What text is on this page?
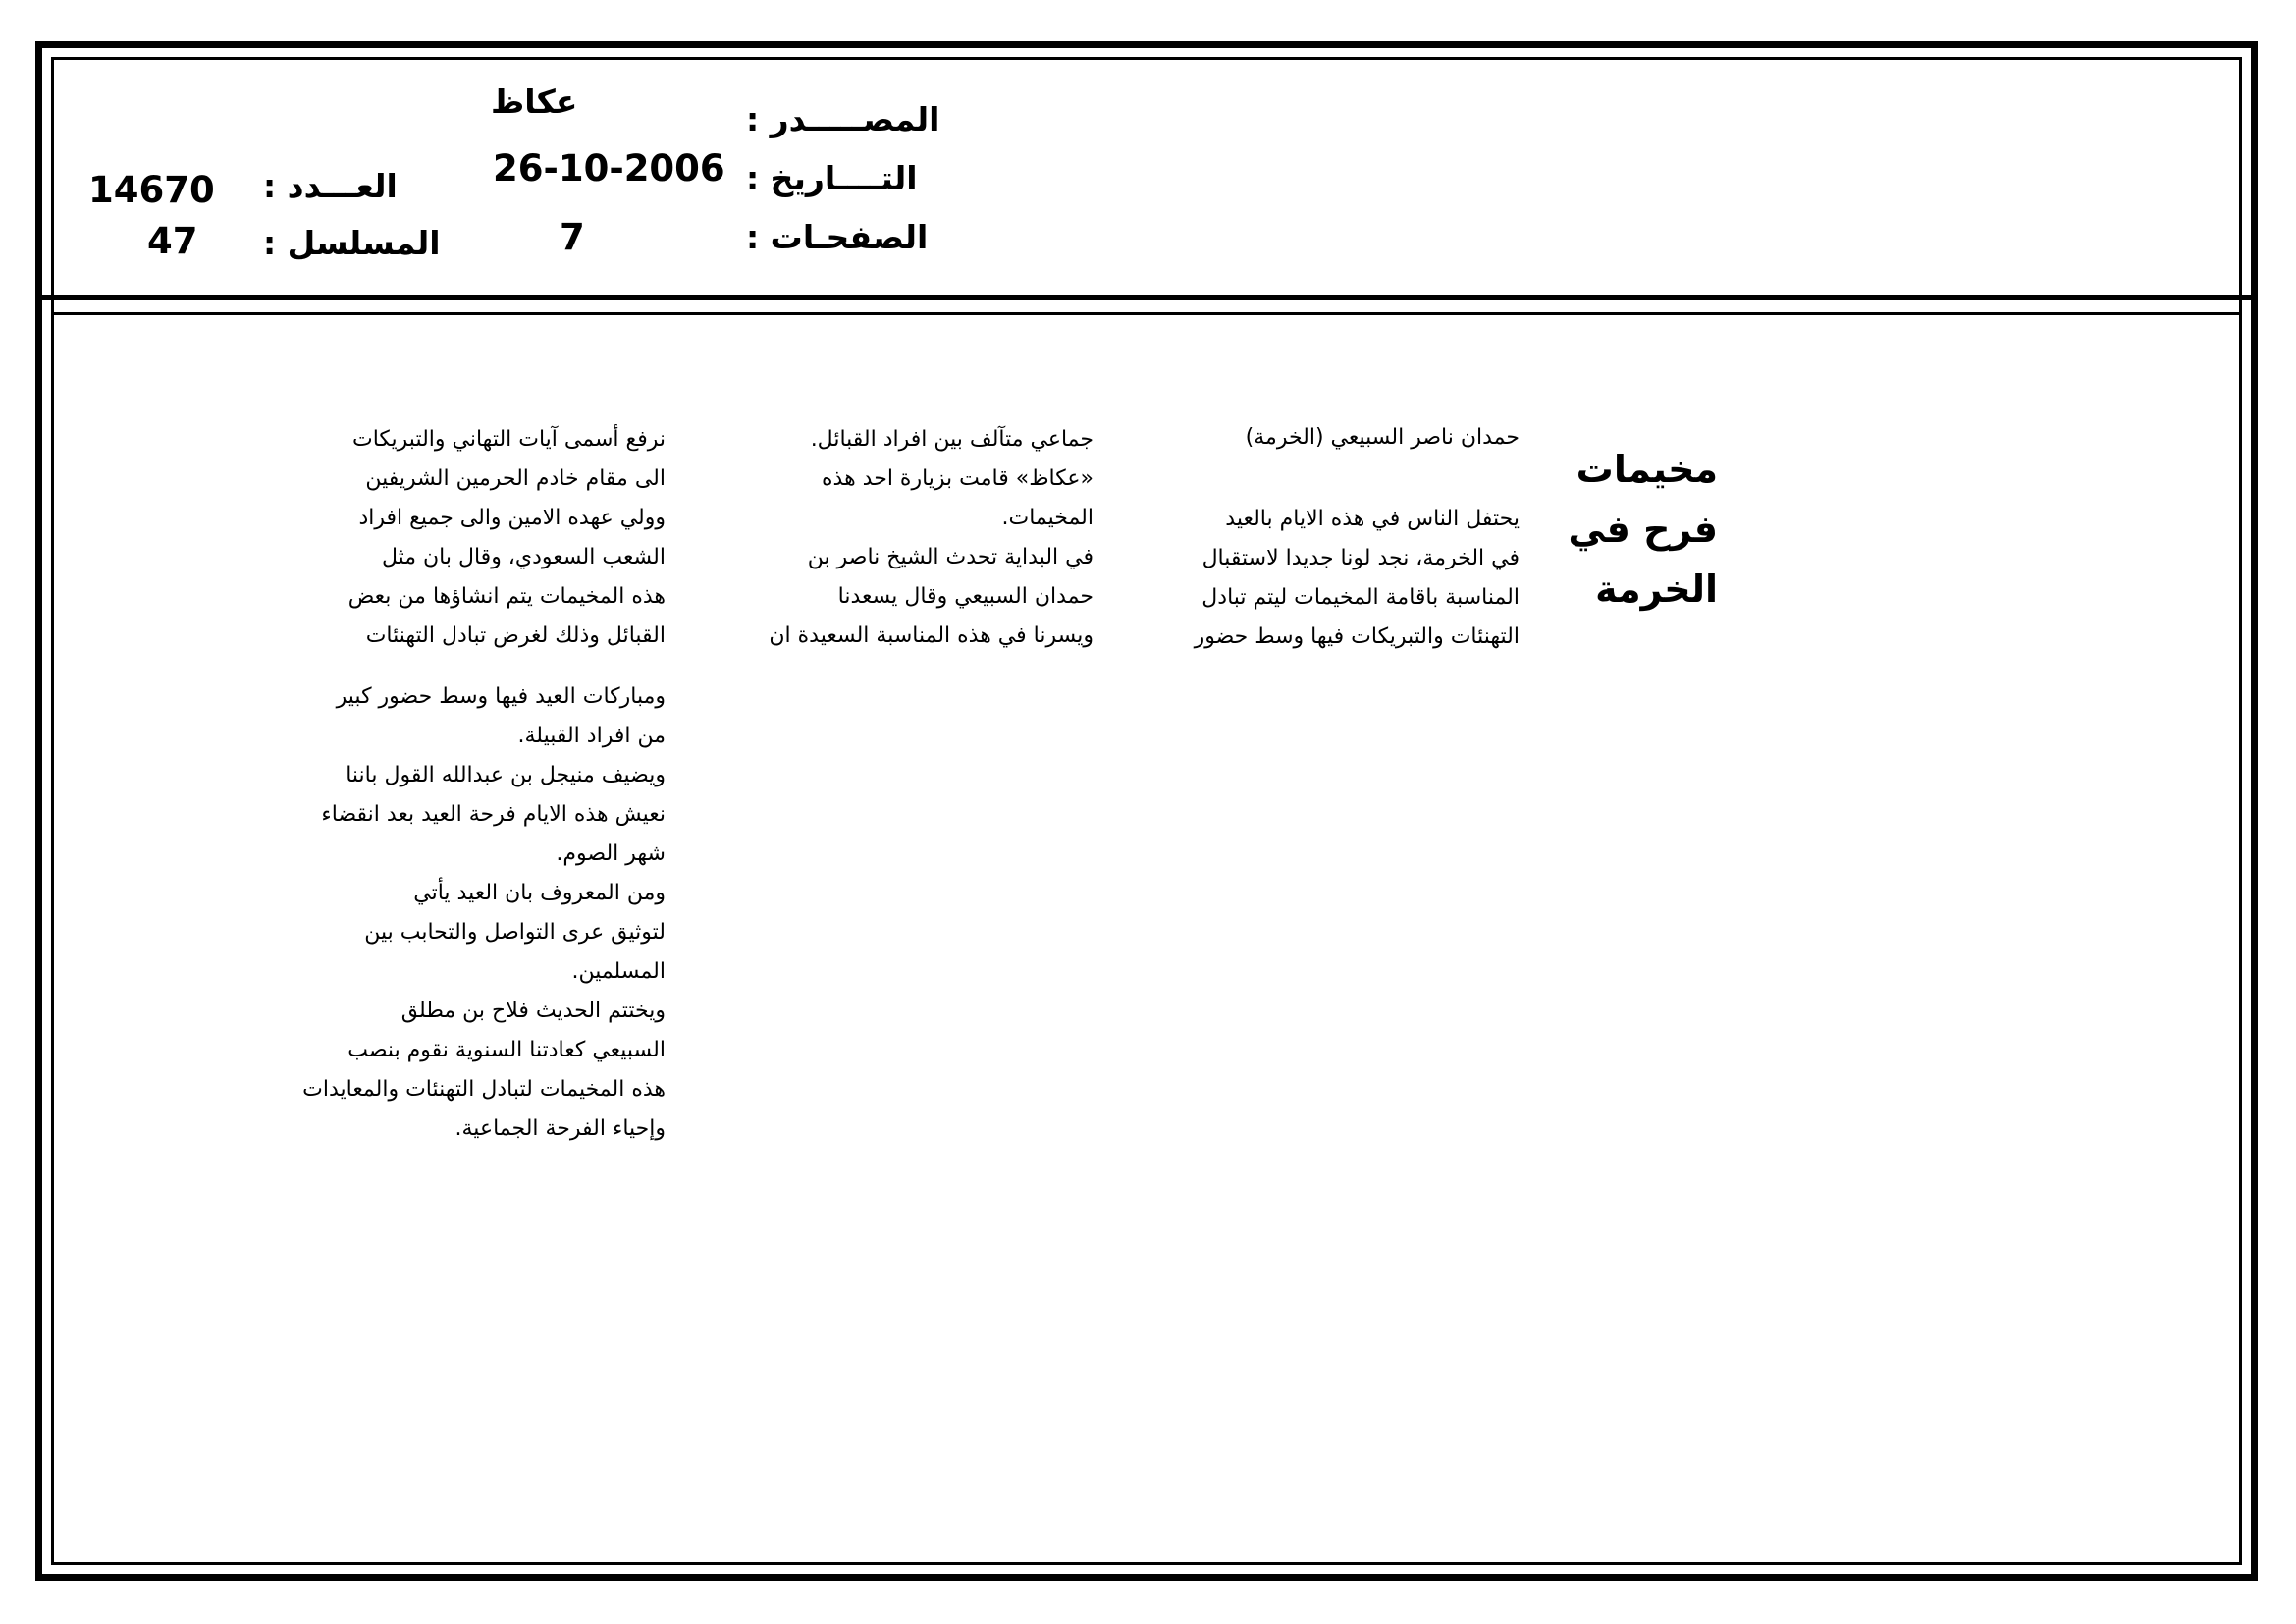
المصـــــدر :
التــــاريخ :
الصفحـات :
عكاظ
26-10-2006
7
العـــدد :
المسلسل :
14670
47
مخيمات
فرح في
الخرمة

حمدان ناصر السبيعي (الخرمة)

يحتفل الناس في هذه الايام بالعيد

في الخرمة، نجد لونا جديدا لاستقبال

المناسبة باقامة المخيمات ليتم تبادل

التهنئات والتبريكات فيها وسط حضور

جماعي متآلف بين افراد القبائل.

«عكاظ» قامت بزيارة احد هذه

المخيمات.

في البداية تحدث الشيخ ناصر بن

حمدان السبيعي وقال يسعدنا

ويسرنا في هذه المناسبة السعيدة ان

نرفع أسمى آيات التهاني والتبريكات

الى مقام خادم الحرمين الشريفين

وولي عهده الامين والى جميع افراد

الشعب السعودي، وقال بان مثل

هذه المخيمات يتم انشاؤها من بعض

القبائل وذلك لغرض تبادل التهنئات

ومباركات العيد فيها وسط حضور كبير

من افراد القبيلة.

ويضيف منيجل بن عبدالله القول باننا

نعيش هذه الايام فرحة العيد بعد انقضاء

شهر الصوم.

ومن المعروف بان العيد يأتي

لتوثيق عرى التواصل والتحابب بين

المسلمين.

ويختتم الحديث فلاح بن مطلق

السبيعي كعادتنا السنوية نقوم بنصب

هذه المخيمات لتبادل التهنئات والمعايدات

وإحياء الفرحة الجماعية.
